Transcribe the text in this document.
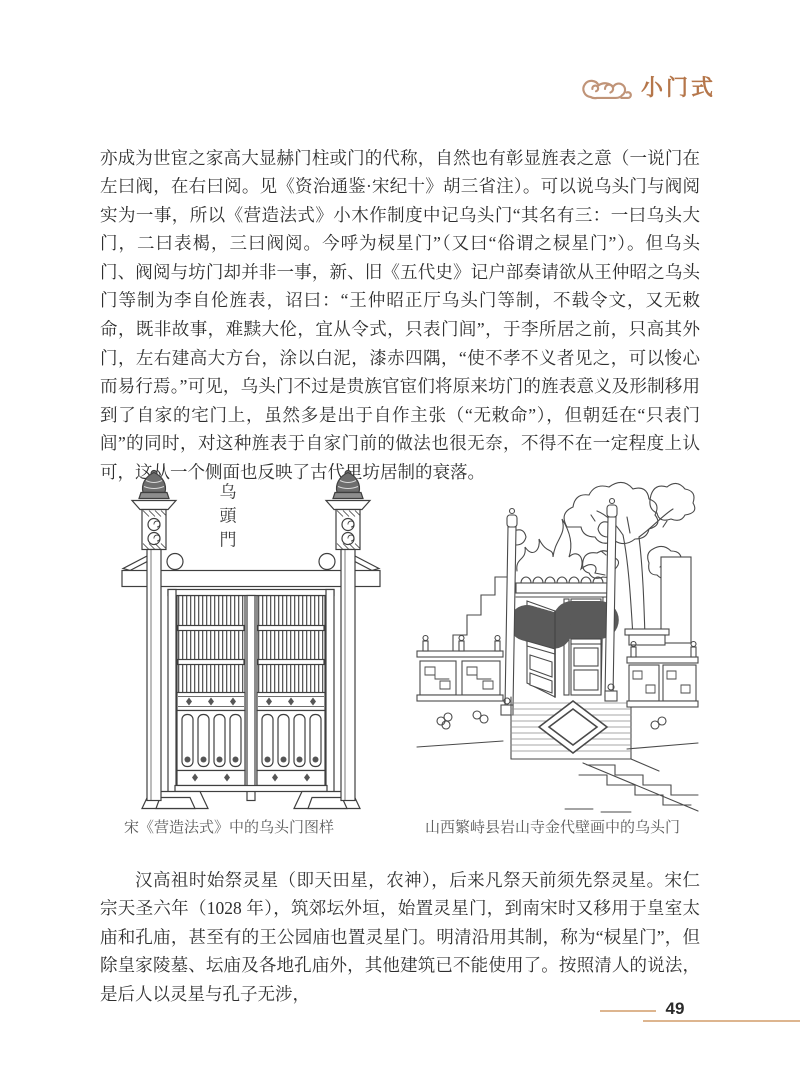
小门式

亦成为世宦之家高大显赫门柱或门的代称，自然也有彰显旌表之意（一说门在左曰阀，在右曰阅。见《资治通鉴·宋纪十》胡三省注）。可以说乌头门与阀阅实为一事，所以《营造法式》小木作制度中记乌头门“其名有三：一曰乌头大门，二曰表楬，三曰阀阅。今呼为棂星门”（又曰“俗谓之棂星门”）。但乌头门、阀阅与坊门却并非一事，新、旧《五代史》记户部奏请欲从王仲昭之乌头门等制为李自伦旌表，诏曰：“王仲昭正厅乌头门等制，不载令文，又无敕命，既非故事，难黩大伦，宜从令式，只表门闾”，于李所居之前，只高其外门，左右建高大方台，涂以白泥，漆赤四隅，“使不孝不义者见之，可以悛心而易行焉。”可见，乌头门不过是贵族官宦们将原来坊门的旌表意义及形制移用到了自家的宅门上，虽然多是出于自作主张（“无敕命”），但朝廷在“只表门闾”的同时，对这种旌表于自家门前的做法也很无奈，不得不在一定程度上认可，这从一个侧面也反映了古代里坊居制的衰落。

乌
頭
門
宋《营造法式》中的乌头门图样	山西繁峙县岩山寺金代壁画中的乌头门

汉高祖时始祭灵星（即天田星，农神），后来凡祭天前须先祭灵星。宋仁宗天圣六年（1028 年），筑郊坛外垣，始置灵星门，到南宋时又移用于皇室太庙和孔庙，甚至有的王公园庙也置灵星门。明清沿用其制，称为“棂星门”，但除皇家陵墓、坛庙及各地孔庙外，其他建筑已不能使用了。按照清人的说法，是后人以灵星与孔子无涉，

49
